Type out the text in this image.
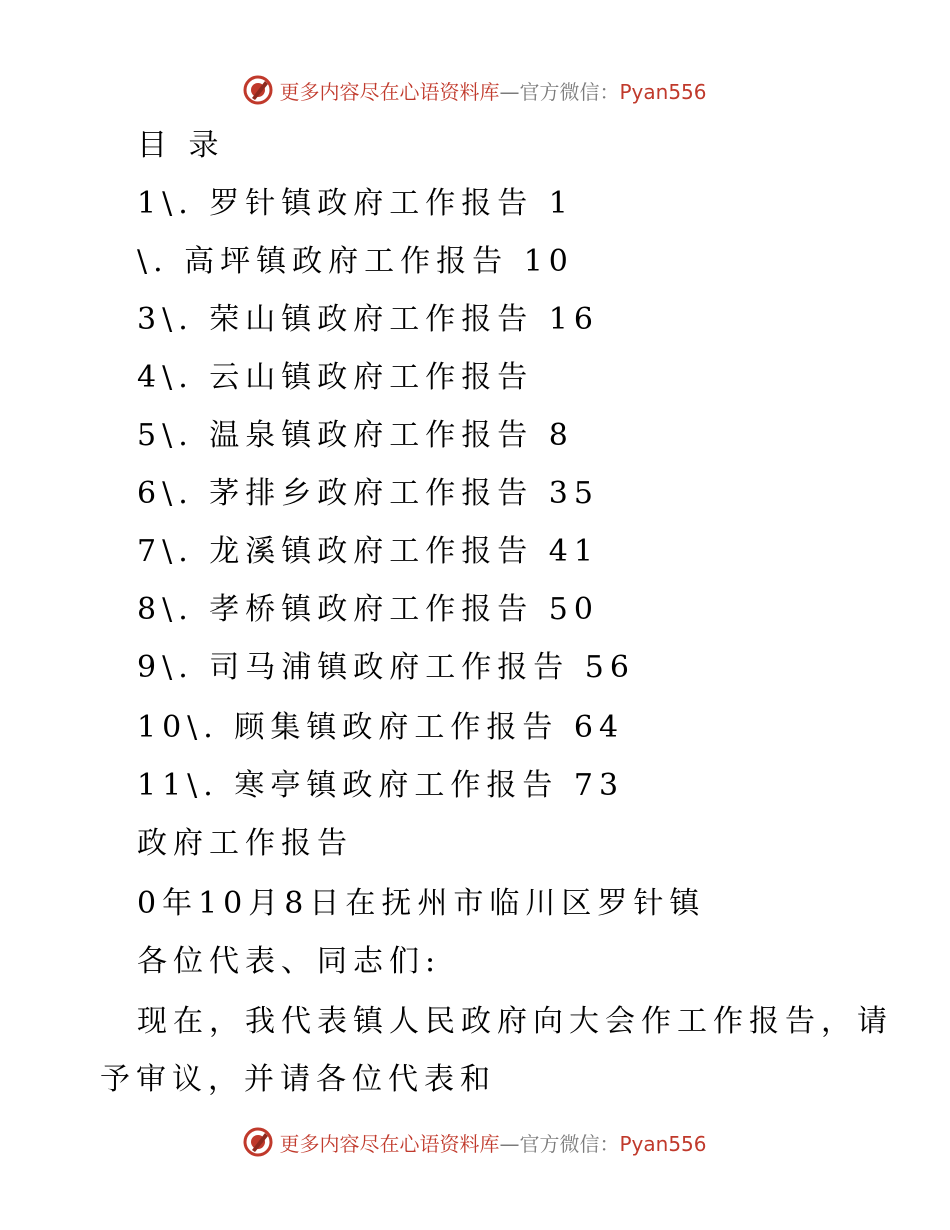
更多内容尽在心语资料库—官方微信：Pyan556
目 录
1\. 罗针镇政府工作报告 1
\. 高坪镇政府工作报告 10
3\. 荣山镇政府工作报告 16
4\. 云山镇政府工作报告
5\. 温泉镇政府工作报告 8
6\. 茅排乡政府工作报告 35
7\. 龙溪镇政府工作报告 41
8\. 孝桥镇政府工作报告 50
9\. 司马浦镇政府工作报告 56
10\. 顾集镇政府工作报告 64
11\. 寒亭镇政府工作报告 73
政府工作报告
0年10月8日在抚州市临川区罗针镇
各位代表、同志们:
现在，我代表镇人民政府向大会作工作报告，请
予审议，并请各位代表和
更多内容尽在心语资料库—官方微信：Pyan556
